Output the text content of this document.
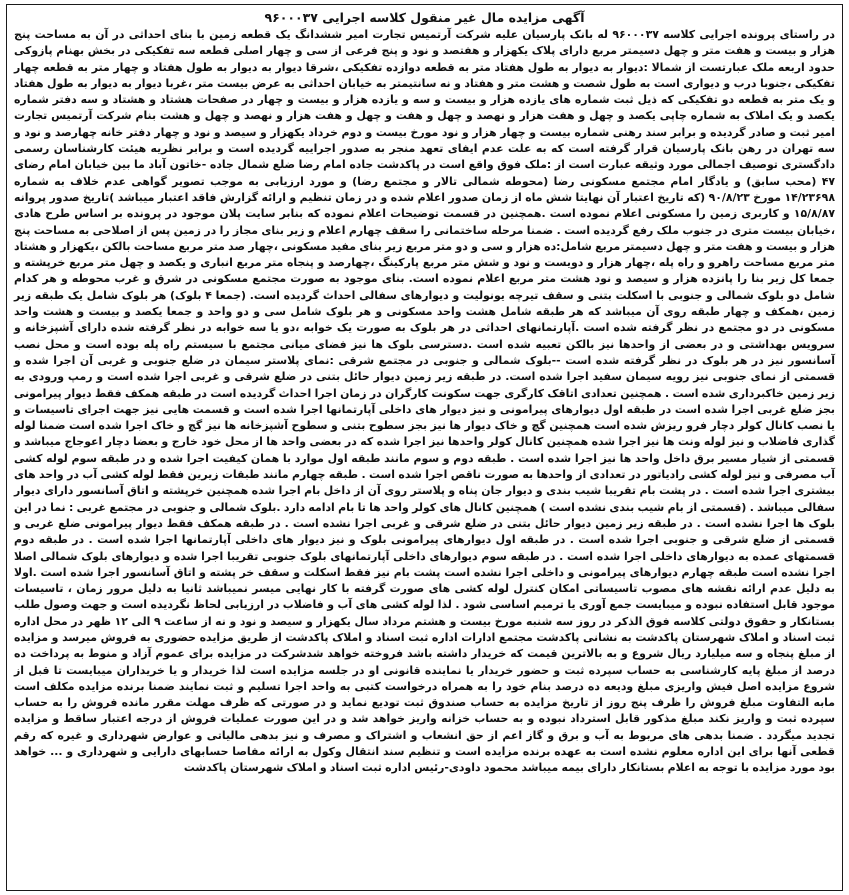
آگهی مزایده مال غیر منقول کلاسه اجرایی ۹۶۰۰۰۳۷

در راستای پرونده اجرایی کلاسه ۹۶۰۰۰۳۷ له بانک پارسیان علیه شرکت آرتمیس تجارت امیر ششدانگ یک قطعه زمین با بنای احداثی در آن به مساحت پنج هزار و بیست و هفت متر و چهل دسیمتر مربع دارای پلاک یکهزار و هفتصد و نود و پنج فرعی از سی و چهار اصلی قطعه سه تفکیکی در بخش بهنام پازوکی حدود اربعه ملک عبارتست از شمالا :دیوار به دیوار به طول هفتاد متر به قطعه دوازده تفکیکی ،شرقا دیوار به دیوار به طول هفتاد و چهار متر به قطعه چهار تفکیکی ،جنوبا درب و دیواری است به طول شصت و هشت متر و هفتاد و نه سانتیمتر به خیابان احداثی به عرض بیست متر ،غربا دیوار به دیوار به طول هفتاد و یک متر به قطعه دو تفکیکی که ذیل ثبت شماره های یازده هزار و بیست و سه و یازده هزار و بیست و چهار در صفحات هشتاد و هشتاد و سه دفتر شماره یکصد و یک املاک به شماره چاپی یکصد و چهل و هفت هزار و نهصد و چهل و هفت و چهل و هفت هزار و نهصد و چهل و هشت بنام شرکت آرتمیس تجارت امیر ثبت و صادر گردیده و برابر سند رهنی شماره بیست و چهار هزار و نود مورخ بیست و دوم خرداد یکهزار و سیصد و نود و چهار دفتر خانه چهارصد و نود و سه تهران در رهن بانک پارسیان قرار گرفته است که به علت عدم ایفای تعهد منجر به صدور اجراییه گردیده است و برابر نظریه هیئت کارشناسان رسمی دادگستری توصیف اجمالی مورد وثیقه عبارت است از :ملک فوق واقع است در پاکدشت جاده امام رضا ضلع شمال جاده -خاتون آباد ما بین خیابان امام رضای ۴۷ (محب سابق) و یادگار امام مجتمع مسکونی رضا (محوطه شمالی تالار و مجتمع رضا) و مورد ارزیابی به موجب تصویر گواهی عدم خلاف به شماره ۱۴/۲۳۶۹۸ مورخ ۹۰/۸/۲۳ (که تاریخ اعتبار آن نهایتا شش ماه از زمان صدور اعلام شده و در زمان تنظیم و ارائه گزارش فاقد اعتبار میباشد )تاریخ صدور پروانه ۱۵/۸/۸۷ و کاربری زمین را مسکونی اعلام نموده است .همچنین در قسمت توضیحات اعلام نموده که بنابر سایت پلان موجود در پرونده بر اساس طرح هادی ،خیابان بیست متری در جنوب ملک رفع گردیده است . ضمنا مرحله ساختمانی را سقف چهارم اعلام و زیر بنای مجاز را در زمین پس از اصلاحی به مساحت پنج هزار و بیست و هفت متر و چهل دسیمتر مربع شامل:ده هزار و سی و دو متر مربع زیر بنای مفید مسکونی ،چهار صد متر مربع مساحت بالکن ،یکهزار و هشتاد متر مربع مساحت راهرو و راه پله ،چهار هزار و دویست و نود و شش متر مربع پارکینگ ،چهارصد و پنجاه متر مربع انباری و یکصد و چهل متر مربع خرپشته و جمعا کل زیر بنا را پانزده هزار و سیصد و نود هشت متر مربع اعلام نموده است. بنای موجود به صورت مجتمع مسکونی در شرق و غرب محوطه و هر کدام شامل دو بلوک شمالی و جنوبی با اسکلت بتنی و سقف تیرچه یونولیت و دیوارهای سفالی احداث گردیده است. (جمعا ۴ بلوک) هر بلوک شامل یک طبقه زیر زمین ،همکف و چهار طبقه روی آن میباشد که هر طبقه شامل هشت واحد مسکونی و هر بلوک شامل سی و دو واحد و جمعا یکصد و بیست و هشت واحد مسکونی در دو مجتمع در نظر گرفته شده است .آپارتمانهای احداثی در هر بلوک به صورت یک خوابه ،دو یا سه خوابه در نظر گرفته شده دارای آشپزخانه و سرویس بهداشتی و در بعضی از واحدها نیز بالکن تعبیه شده است .دسترسی بلوک ها نیز فضای میانی مجتمع با سیستم راه پله بوده است و محل نصب آسانسور نیز در هر بلوک در نظر گرفته شده است --بلوک شمالی و جنوبی در مجتمع شرقی :نمای پلاستر سیمان در ضلع جنوبی و غربی آن اجرا شده و قسمتی از نمای جنوبی نیز رویه سیمان سفید اجرا شده است. در طبقه زیر زمین دیوار حائل بتنی در ضلع شرقی و غربی اجرا شده است و رمپ ورودی به زیر زمین خاکبرداری شده است . همچنین تعدادی اتاقک کارگری جهت سکونت کارگران در زمان اجرا احداث گردیده است در طبقه همکف فقط دیوار پیرامونی بجز ضلع غربی اجرا شده است در طبقه اول دیوارهای پیرامونی و نیز دیوار های داخلی آپارتمانها اجرا شده است و قسمت هایی نیز جهت اجرای تاسیسات و یا نصب کانال کولر دچار فرو ریزش شده است همچنین گچ و خاک دیوار ها نیز بجز سطوح بتنی و سطوح آشپزخانه ها نیز گچ و خاک اجرا شده است ضمنا لوله گذاری فاضلاب و نیز لوله ونت ها نیز اجرا شده همچنین کانال کولر واحدها نیز اجرا شده که در بعضی واحد ها از محل خود خارج و بعضا دچار اعوجاج میباشد و قسمتی از شیار مسیر برق داخل واحد ها نیز اجرا شده است . طبقه دوم و سوم مانند طبقه اول موارد با همان کیفیت اجرا شده و در طبقه سوم لوله کشی آب مصرفی و نیز لوله کشی رادیاتور در تعدادی از واحدها به صورت ناقص اجرا شده است . طبقه چهارم مانند طبقات زیرین فقط لوله کشی آب در واحد های بیشتری اجرا شده است . در پشت بام تقریبا شیب بندی و دیوار جان پناه و پلاستر روی آن از داخل بام اجرا شده همچنین خرپشته و اتاق آسانسور دارای دیوار سفالی میباشد . (قسمتی از بام شیب بندی نشده است ) همچنین کانال های کولر واحد ها تا بام ادامه دارد .بلوک شمالی و جنوبی در مجتمع غربی : نما در این بلوک ها اجرا نشده است . در طبقه زیر زمین دیوار حائل بتنی در ضلع شرقی و غربی اجرا نشده است . در طبقه همکف فقط دیوار پیرامونی ضلع غربی و قسمتی از ضلع شرقی و جنوبی اجرا شده است . در طبقه اول دیوارهای پیرامونی بلوک و نیز دیوار های داخلی آپارتمانها اجرا شده است . در طبقه دوم قسمتهای عمده به دیوارهای داخلی اجرا شده است . در طبقه سوم دیوارهای داخلی آپارتمانهای بلوک جنوبی تقریبا اجرا شده و دیوارهای بلوک شمالی اصلا اجرا نشده است طبقه چهارم دیوارهای پیرامونی و داخلی اجرا نشده است پشت بام نیز فقط اسکلت و سقف خر پشته و اتاق آسانسور اجرا شده است .اولا به دلیل عدم ارائه نقشه های مصوب تاسیساتی امکان کنترل لوله کشی های صورت گرفته با کار نهایی میسر نمیباشد ثانیا به دلیل مرور زمان ، تاسیسات موجود قابل استفاده نبوده و میبایست جمع آوری یا ترمیم اساسی شود . لذا لوله کشی های آب و فاضلاب در ارزیابی لحاظ نگردیده است و جهت وصول طلب بستانکار و حقوق دولتی کلاسه فوق الذکر در روز سه شنبه مورخ بیست و هشتم مرداد سال یکهزار و سیصد و نود و نه از ساعت ۹ الی ۱۲ ظهر در محل اداره ثبت اسناد و املاک شهرستان پاکدشت به نشانی پاکدشت مجتمع ادارات اداره ثبت اسناد و املاک پاکدشت از طریق مزایده حضوری به فروش میرسد و مزایده از مبلغ پنجاه و سه میلیارد ریال شروع و به بالاترین قیمت که خریدار داشته باشد فروخته خواهد شدشرکت در مزایده برای عموم آزاد و منوط به پرداخت ده درصد از مبلغ پایه کارشناسی به حساب سپرده ثبت و حضور خریدار یا نماینده قانونی او در جلسه مزایده است لذا خریدار و یا خریداران میبایست تا قبل از شروع مزایده اصل فیش واریزی مبلغ ودیعه ده درصد بنام خود را به همراه درخواست کتبی به واحد اجرا تسلیم و ثبت نمایند ضمنا برنده مزایده مکلف است مابه التفاوت مبلغ فروش را ظرف پنج روز از تاریخ مزایده به حساب صندوق ثبت تودیع نماید و در صورتی که ظرف مهلت مقرر مانده فروش را به حساب سپرده ثبت و واریز نکند مبلغ مذکور قابل استرداد نبوده و به حساب خزانه واریز خواهد شد و در این صورت عملیات فروش از درجه اعتبار ساقط و مزایده تجدید میگردد . ضمنا بدهی های مربوط به آب و برق و گاز اعم از حق انشعاب و اشتراک و مصرف و نیز بدهی مالیاتی و عوارض شهرداری و غیره که رقم قطعی آنها برای این اداره معلوم نشده است به عهده برنده مزایده است و تنظیم سند انتقال وکول به ارائه مفاصا حسابهای دارایی و شهرداری و ... خواهد بود مورد مزایده با توجه به اعلام بستانکار دارای بیمه میباشد محمود داودی-رئیس اداره ثبت اسناد و املاک شهرستان پاکدشت
